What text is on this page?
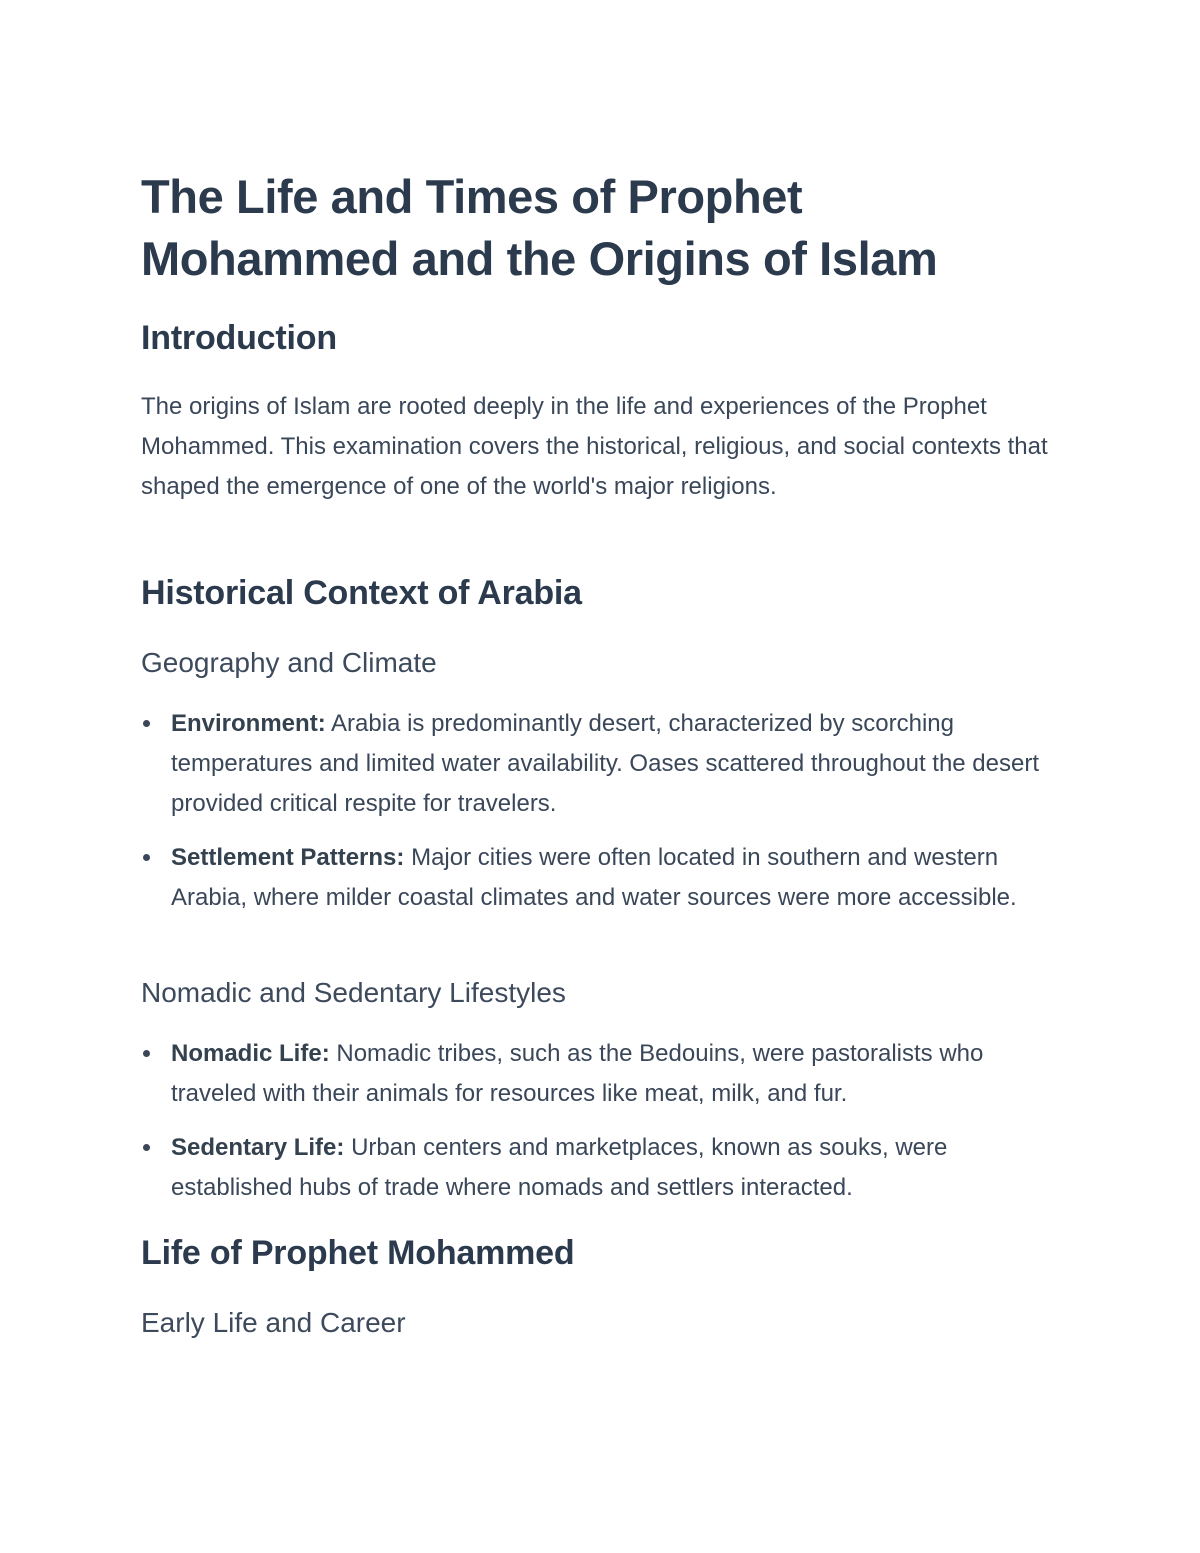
The Life and Times of Prophet Mohammed and the Origins of Islam
Introduction

The origins of Islam are rooted deeply in the life and experiences of the Prophet Mohammed. This examination covers the historical, religious, and social contexts that shaped the emergence of one of the world's major religions.

Historical Context of Arabia
Geography and Climate
Environment: Arabia is predominantly desert, characterized by scorching temperatures and limited water availability. Oases scattered throughout the desert provided critical respite for travelers.
Settlement Patterns: Major cities were often located in southern and western Arabia, where milder coastal climates and water sources were more accessible.
Nomadic and Sedentary Lifestyles
Nomadic Life: Nomadic tribes, such as the Bedouins, were pastoralists who traveled with their animals for resources like meat, milk, and fur.
Sedentary Life: Urban centers and marketplaces, known as souks, were established hubs of trade where nomads and settlers interacted.
Life of Prophet Mohammed
Early Life and Career
